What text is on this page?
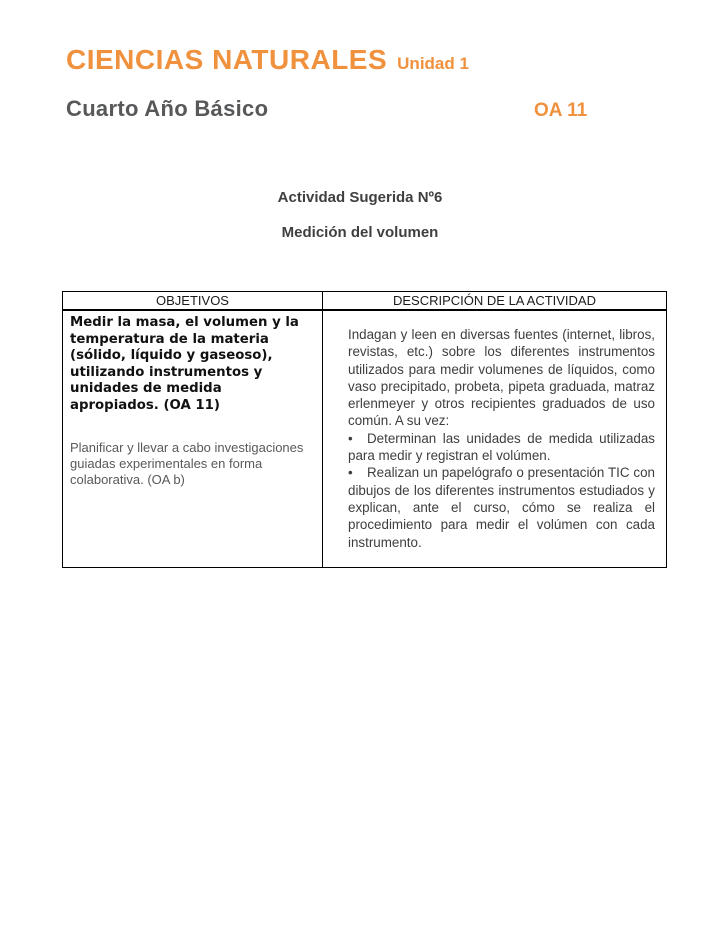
CIENCIAS NATURALES Unidad 1
Cuarto Año Básico	OA 11
Actividad Sugerida Nº6
Medición del volumen
OBJETIVOS	DESCRIPCIÓN DE LA ACTIVIDAD
Medir la masa, el volumen y la temperatura de la materia (sólido, líquido y gaseoso), utilizando instrumentos y unidades de medida apropiados. (OA 11)
Planificar y llevar a cabo investigaciones guiadas experimentales en forma colaborativa. (OA b)

Indagan y leen en diversas fuentes (internet, libros, revistas, etc.) sobre los diferentes instrumentos utilizados para medir volumenes de líquidos, como vaso precipitado, probeta, pipeta graduada, matraz erlenmeyer y otros recipientes graduados de uso común. A su vez:

• Determinan las unidades de medida utilizadas para medir y registran el volúmen.

• Realizan un papelógrafo o presentación TIC con dibujos de los diferentes instrumentos estudiados y explican, ante el curso, cómo se realiza el procedimiento para medir el volúmen con cada instrumento.
